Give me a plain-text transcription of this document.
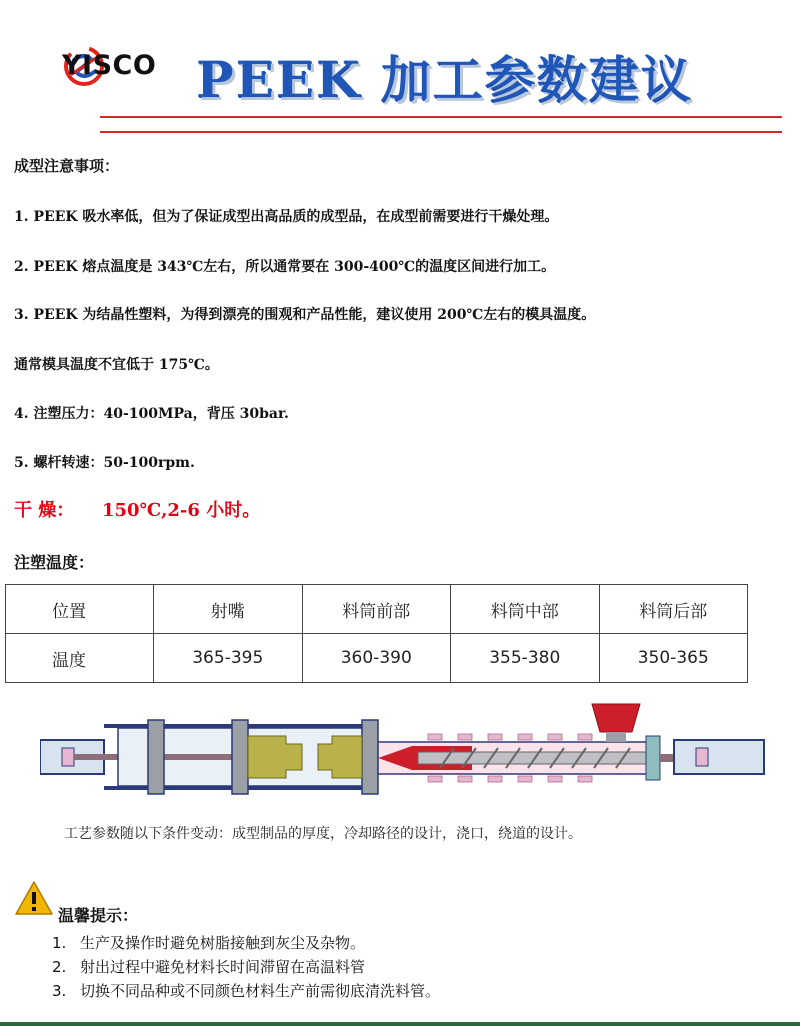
YISCO PEEK 加工参数建议
成型注意事项：
1. PEEK 吸水率低，但为了保证成型出高品质的成型品，在成型前需要进行干燥处理。
2. PEEK 熔点温度是 343℃左右，所以通常要在 300-400℃的温度区间进行加工。
3. PEEK 为结晶性塑料，为得到漂亮的围观和产品性能，建议使用 200℃左右的模具温度。
通常模具温度不宜低于 175℃。
4. 注塑压力：40-100MPa，背压 30bar.
5. 螺杆转速：50-100rpm.
干 燥： 150℃,2-6 小时。
注塑温度：
位置	射嘴	料筒前部	料筒中部	料筒后部
温度	365-395	360-390	355-380	350-365
工艺参数随以下条件变动：成型制品的厚度，冷却路径的设计，浇口，绕道的设计。
温馨提示：
1. 生产及操作时避免树脂接触到灰尘及杂物。
2. 射出过程中避免材料长时间滞留在高温料管
3. 切换不同品种或不同颜色材料生产前需彻底清洗料管。
